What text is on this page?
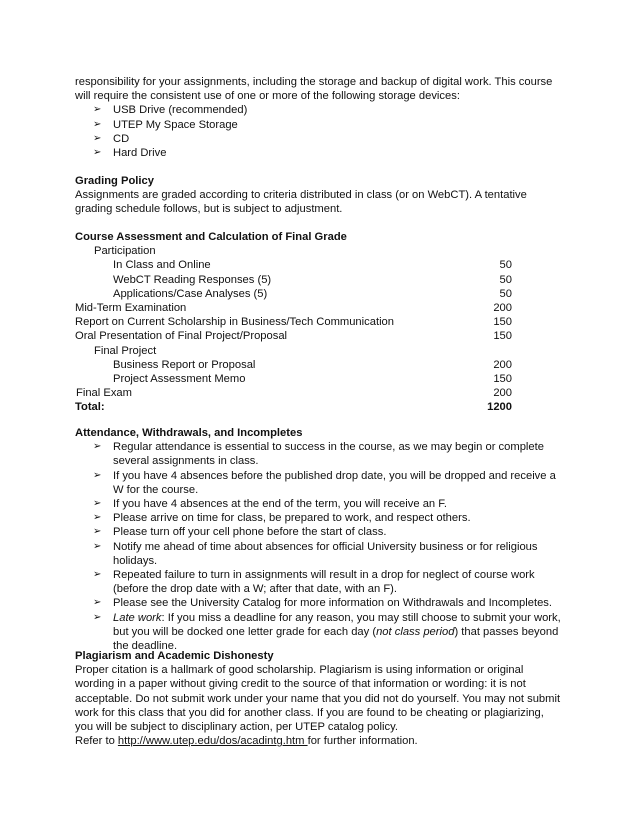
responsibility for your assignments, including the storage and backup of digital work. This course will require the consistent use of one or more of the following storage devices:

➢ USB Drive (recommended)
➢ UTEP My Space Storage
➢ CD
➢ Hard Drive

Grading Policy

Assignments are graded according to criteria distributed in class (or on WebCT). A tentative grading schedule follows, but is subject to adjustment.

Course Assessment and Calculation of Final Grade

Participation
In Class and Online	50
WebCT Reading Responses (5)	50
Applications/Case Analyses (5)	50
Mid-Term Examination	200
Report on Current Scholarship in Business/Tech Communication	150
Oral Presentation of Final Project/Proposal	150
Final Project
Business Report or Proposal	200
Project Assessment Memo	150
Final Exam	200
Total:	1200

Attendance, Withdrawals, and Incompletes

➢ Regular attendance is essential to success in the course, as we may begin or complete several assignments in class.
➢ If you have 4 absences before the published drop date, you will be dropped and receive a W for the course.
➢ If you have 4 absences at the end of the term, you will receive an F.
➢ Please arrive on time for class, be prepared to work, and respect others.
➢ Please turn off your cell phone before the start of class.
➢ Notify me ahead of time about absences for official University business or for religious holidays.
➢ Repeated failure to turn in assignments will result in a drop for neglect of course work (before the drop date with a W; after that date, with an F).
➢ Please see the University Catalog for more information on Withdrawals and Incompletes.
➢ Late work: If you miss a deadline for any reason, you may still choose to submit your work, but you will be docked one letter grade for each day (not class period) that passes beyond the deadline.

Plagiarism and Academic Dishonesty

Proper citation is a hallmark of good scholarship. Plagiarism is using information or original wording in a paper without giving credit to the source of that information or wording: it is not acceptable. Do not submit work under your name that you did not do yourself. You may not submit work for this class that you did for another class. If you are found to be cheating or plagiarizing, you will be subject to disciplinary action, per UTEP catalog policy.

Refer to http://www.utep.edu/dos/acadintg.htm for further information.
